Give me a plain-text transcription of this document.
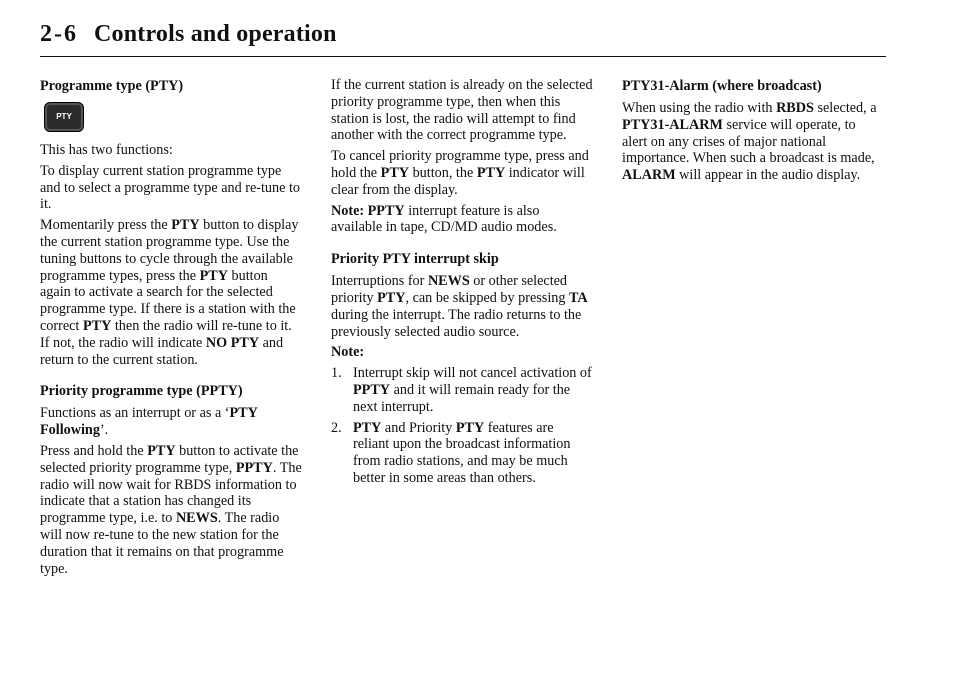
2-6 Controls and operation
Programme type (PTY)
PTY

This has two functions:

To display current station programme type and to select a programme type and re-tune to it.

Momentarily press the PTY button to display the current station programme type. Use the tuning buttons to cycle through the available programme types, press the PTY button again to activate a search for the selected programme type. If there is a station with the correct PTY then the radio will re-tune to it. If not, the radio will indicate NO PTY and return to the current station.

Priority programme type (PPTY)

Functions as an interrupt or as a ‘PTY Following’.

Press and hold the PTY button to activate the selected priority programme type, PPTY. The radio will now wait for RBDS information to indicate that a station has changed its programme type, i.e. to NEWS. The radio will now re-tune to the new station for the duration that it remains on that programme type.

If the current station is already on the selected priority programme type, then when this station is lost, the radio will attempt to find another with the correct programme type.

To cancel priority programme type, press and hold the PTY button, the PTY indicator will clear from the display.

Note: PPTY interrupt feature is also available in tape, CD/MD audio modes.

Priority PTY interrupt skip

Interruptions for NEWS or other selected priority PTY, can be skipped by pressing TA during the interrupt. The radio returns to the previously selected audio source.

Note:

1. Interrupt skip will not cancel activation of PPTY and it will remain ready for the next interrupt.
2. PTY and Priority PTY features are reliant upon the broadcast information from radio stations, and may be much better in some areas than others.
PTY31-Alarm (where broadcast)

When using the radio with RBDS selected, a PTY31-ALARM service will operate, to alert on any crises of major national importance. When such a broadcast is made, ALARM will appear in the audio display.
